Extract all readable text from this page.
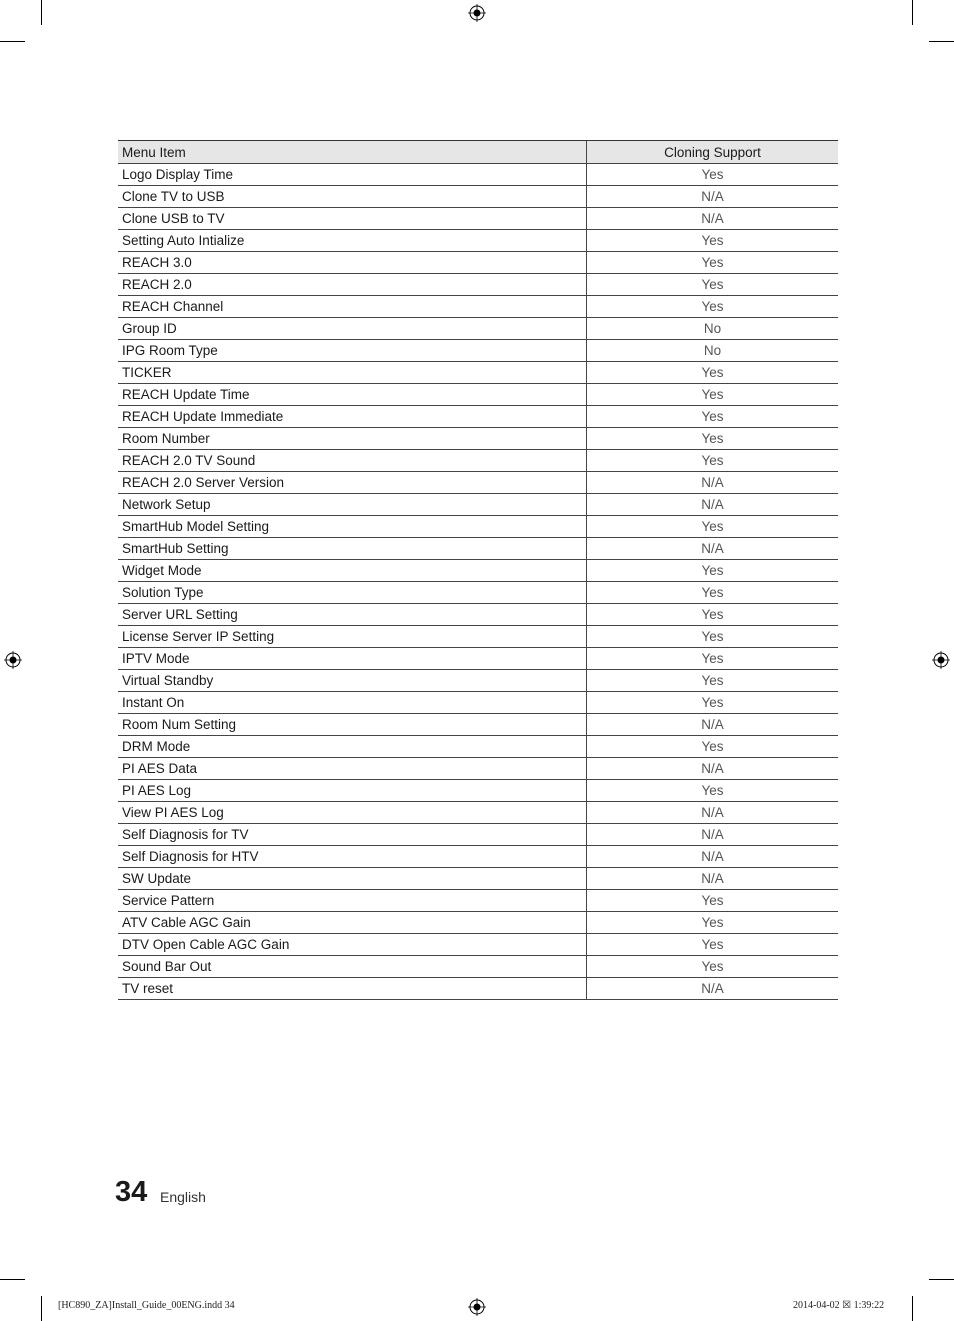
Menu Item	Cloning Support
Logo Display Time	Yes
Clone TV to USB	N/A
Clone USB to TV	N/A
Setting Auto Intialize	Yes
REACH 3.0	Yes
REACH 2.0	Yes
REACH Channel	Yes
Group ID	No
IPG Room Type	No
TICKER	Yes
REACH Update Time	Yes
REACH Update Immediate	Yes
Room Number	Yes
REACH 2.0 TV Sound	Yes
REACH 2.0 Server Version	N/A
Network Setup	N/A
SmartHub Model Setting	Yes
SmartHub Setting	N/A
Widget Mode	Yes
Solution Type	Yes
Server URL Setting	Yes
License Server IP Setting	Yes
IPTV Mode	Yes
Virtual Standby	Yes
Instant On	Yes
Room Num Setting	N/A
DRM Mode	Yes
PI AES Data	N/A
PI AES Log	Yes
View PI AES Log	N/A
Self Diagnosis for TV	N/A
Self Diagnosis for HTV	N/A
SW Update	N/A
Service Pattern	Yes
ATV Cable AGC Gain	Yes
DTV Open Cable AGC Gain	Yes
Sound Bar Out	Yes
TV reset	N/A
34 English
[HC890_ZA]Install_Guide_00ENG.indd 34	2014-04-02 ☒ 1:39:22
